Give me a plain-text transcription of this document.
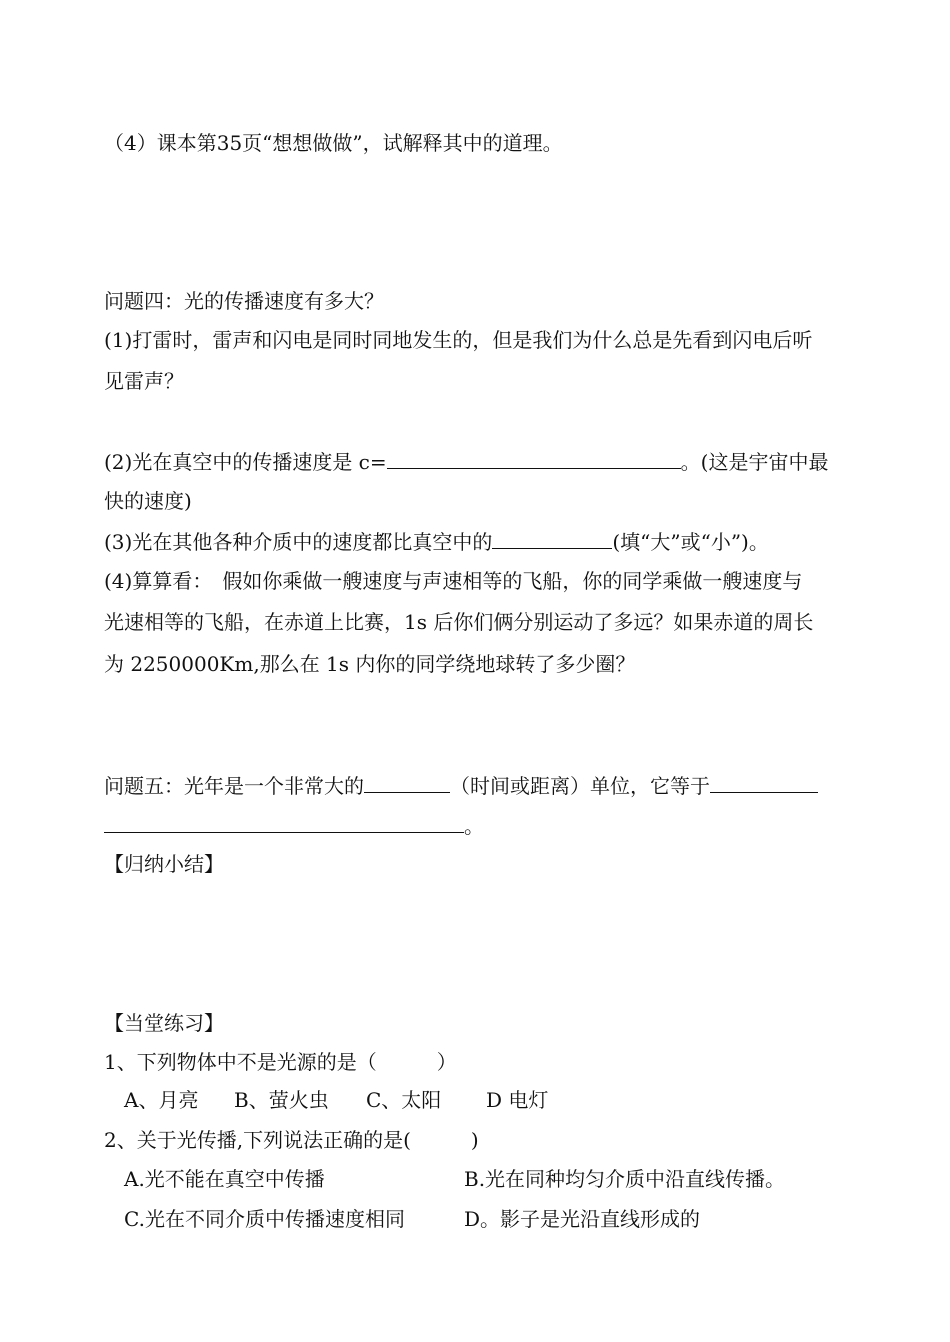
（4）课本第35页“想想做做”，试解释其中的道理。
问题四：光的传播速度有多大？
(1)打雷时，雷声和闪电是同时同地发生的，但是我们为什么总是先看到闪电后听
见雷声？
(2)光在真空中的传播速度是 c=	。(这是宇宙中最
快的速度)
(3)光在其他各种介质中的速度都比真空中的	(填“大”或“小”)。
(4)算算看：　假如你乘做一艘速度与声速相等的飞船，你的同学乘做一艘速度与
光速相等的飞船，在赤道上比赛，1s 后你们俩分别运动了多远？如果赤道的周长
为 2250000Km,那么在 1s 内你的同学绕地球转了多少圈？
问题五：光年是一个非常大的	（时间或距离）单位，它等于
。
【归纳小结】
【当堂练习】
1、下列物体中不是光源的是（　　　）
A、月亮 B、萤火虫 C、太阳 D 电灯
2、关于光传播,下列说法正确的是(　　　)
A.光不能在真空中传播	B.光在同种均匀介质中沿直线传播。
C.光在不同介质中传播速度相同	D。影子是光沿直线形成的
